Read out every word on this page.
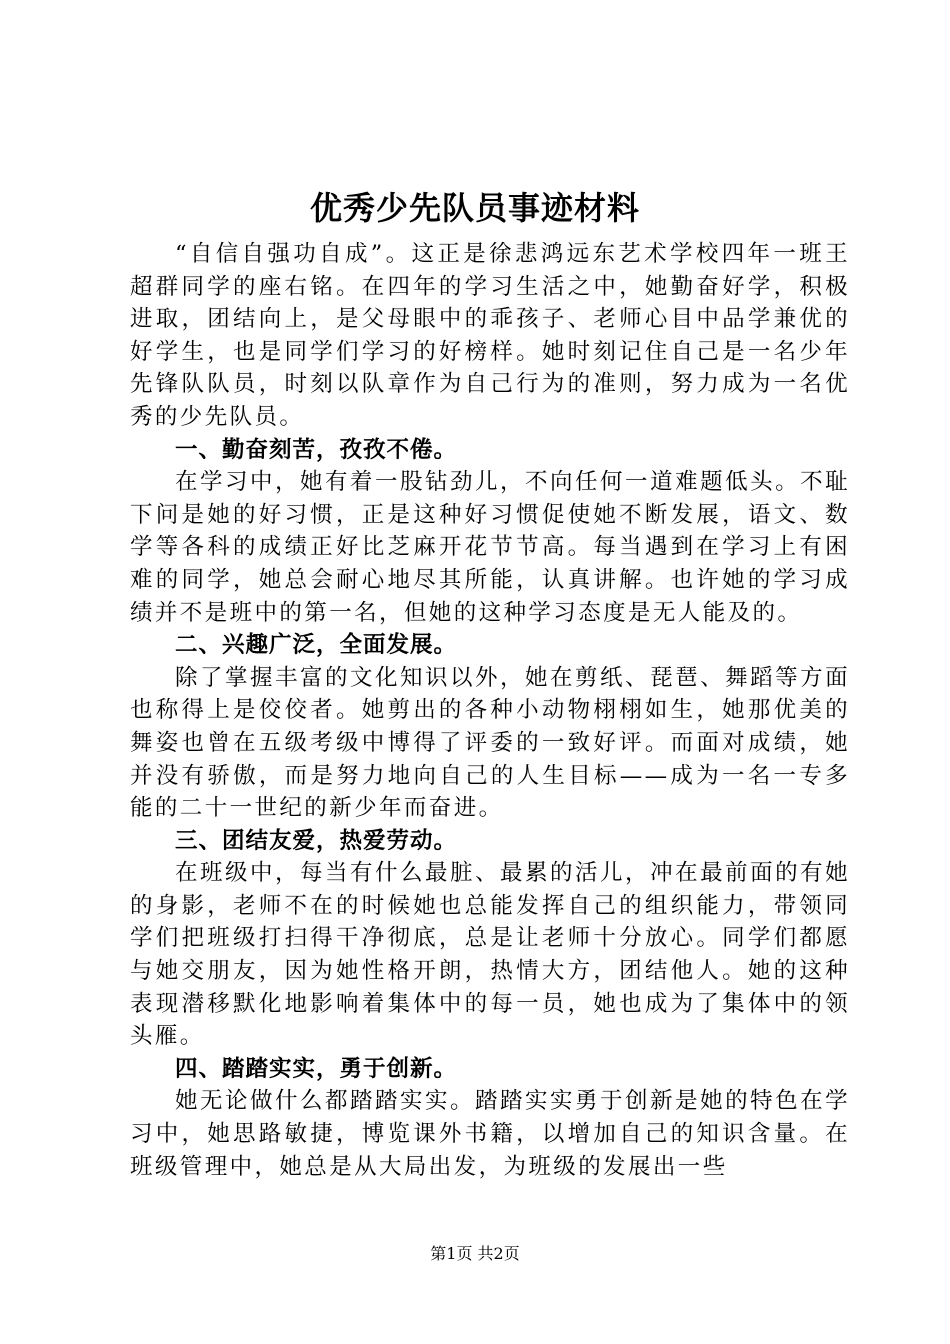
优秀少先队员事迹材料

“自信自强功自成”。这正是徐悲鸿远东艺术学校四年一班王超群同学的座右铭。在四年的学习生活之中，她勤奋好学，积极进取，团结向上，是父母眼中的乖孩子、老师心目中品学兼优的好学生，也是同学们学习的好榜样。她时刻记住自己是一名少年先锋队队员，时刻以队章作为自己行为的准则，努力成为一名优秀的少先队员。

一、勤奋刻苦，孜孜不倦。

在学习中，她有着一股钻劲儿，不向任何一道难题低头。不耻下问是她的好习惯，正是这种好习惯促使她不断发展，语文、数学等各科的成绩正好比芝麻开花节节高。每当遇到在学习上有困难的同学，她总会耐心地尽其所能，认真讲解。也许她的学习成绩并不是班中的第一名，但她的这种学习态度是无人能及的。

二、兴趣广泛，全面发展。

除了掌握丰富的文化知识以外，她在剪纸、琵琶、舞蹈等方面也称得上是佼佼者。她剪出的各种小动物栩栩如生，她那优美的舞姿也曾在五级考级中博得了评委的一致好评。而面对成绩，她并没有骄傲，而是努力地向自己的人生目标——成为一名一专多能的二十一世纪的新少年而奋进。

三、团结友爱，热爱劳动。

在班级中，每当有什么最脏、最累的活儿，冲在最前面的有她的身影，老师不在的时候她也总能发挥自己的组织能力，带领同学们把班级打扫得干净彻底，总是让老师十分放心。同学们都愿与她交朋友，因为她性格开朗，热情大方，团结他人。她的这种表现潜移默化地影响着集体中的每一员，她也成为了集体中的领头雁。

四、踏踏实实，勇于创新。

她无论做什么都踏踏实实。踏踏实实勇于创新是她的特色在学习中，她思路敏捷，博览课外书籍，以增加自己的知识含量。在班级管理中，她总是从大局出发，为班级的发展出一些

第1页 共2页
